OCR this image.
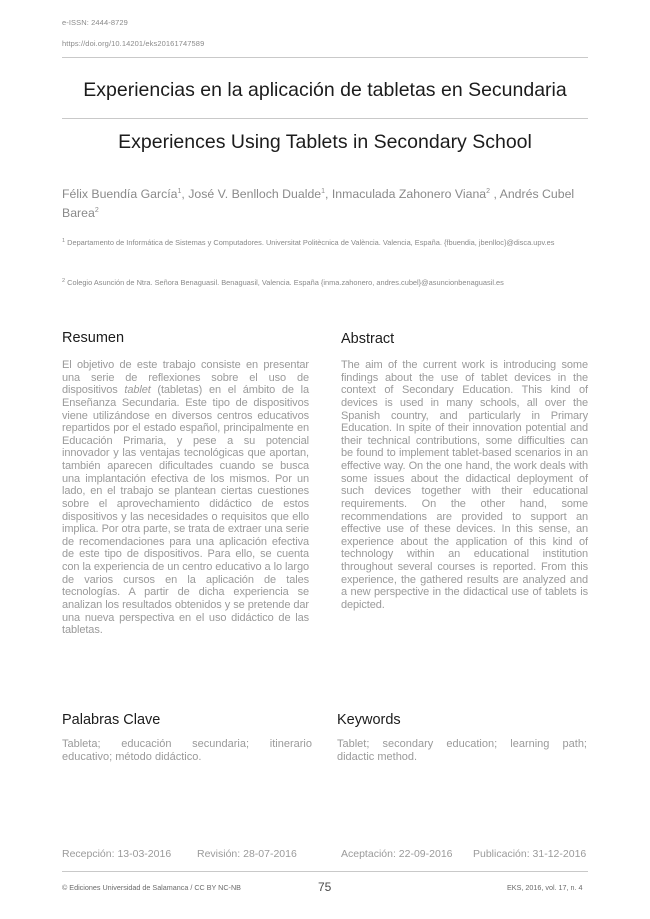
e-ISSN: 2444-8729
https://doi.org/10.14201/eks20161747589
Experiencias en la aplicación de tabletas en Secundaria
Experiences Using Tablets in Secondary School
Félix Buendía García$^1$, José V. Benlloch Dualde$^1$, Inmaculada Zahonero Viana$^2$ , Andrés Cubel Barea$^2$
$^1$ Departamento de Informática de Sistemas y Computadores. Universitat Politècnica de València. Valencia, España. {fbuendia, jbenlloc}@disca.upv.es
$^2$ Colegio Asunción de Ntra. Señora Benaguasil. Benaguasil, Valencia. España {inma.zahonero, andres.cubel}@asuncionbenaguasil.es
Resumen
El objetivo de este trabajo consiste en presentar una serie de reflexiones sobre el uso de dispositivos tablet (tabletas) en el ámbito de la Enseñanza Secundaria. Este tipo de dispositivos viene utilizándose en diversos centros educativos repartidos por el estado español, principalmente en Educación Primaria, y pese a su potencial innovador y las ventajas tecnológicas que aportan, también aparecen dificultades cuando se busca una implantación efectiva de los mismos. Por un lado, en el trabajo se plantean ciertas cuestiones sobre el aprovechamiento didáctico de estos dispositivos y las necesidades o requisitos que ello implica. Por otra parte, se trata de extraer una serie de recomendaciones para una aplicación efectiva de este tipo de dispositivos. Para ello, se cuenta con la experiencia de un centro educativo a lo largo de varios cursos en la aplicación de tales tecnologías. A partir de dicha experiencia se analizan los resultados obtenidos y se pretende dar una nueva perspectiva en el uso didáctico de las tabletas.
Abstract
The aim of the current work is introducing some findings about the use of tablet devices in the context of Secondary Education. This kind of devices is used in many schools, all over the Spanish country, and particularly in Primary Education. In spite of their innovation potential and their technical contributions, some difficulties can be found to implement tablet-based scenarios in an effective way. On the one hand, the work deals with some issues about the didactical deployment of such devices together with their educational requirements. On the other hand, some recommendations are provided to support an effective use of these devices. In this sense, an experience about the application of this kind of technology within an educational institution throughout several courses is reported. From this experience, the gathered results are analyzed and a new perspective in the didactical use of tablets is depicted.
Palabras Clave
Tableta; educación secundaria; itinerario educativo; método didáctico.
Keywords
Tablet; secondary education; learning path; didactic method.
Recepción: 13-03-2016 Revisión: 28-07-2016	Aceptación: 22-09-2016 Publicación: 31-12-2016
© Ediciones Universidad de Salamanca / CC BY NC-NB	75	EKS, 2016, vol. 17, n. 4
